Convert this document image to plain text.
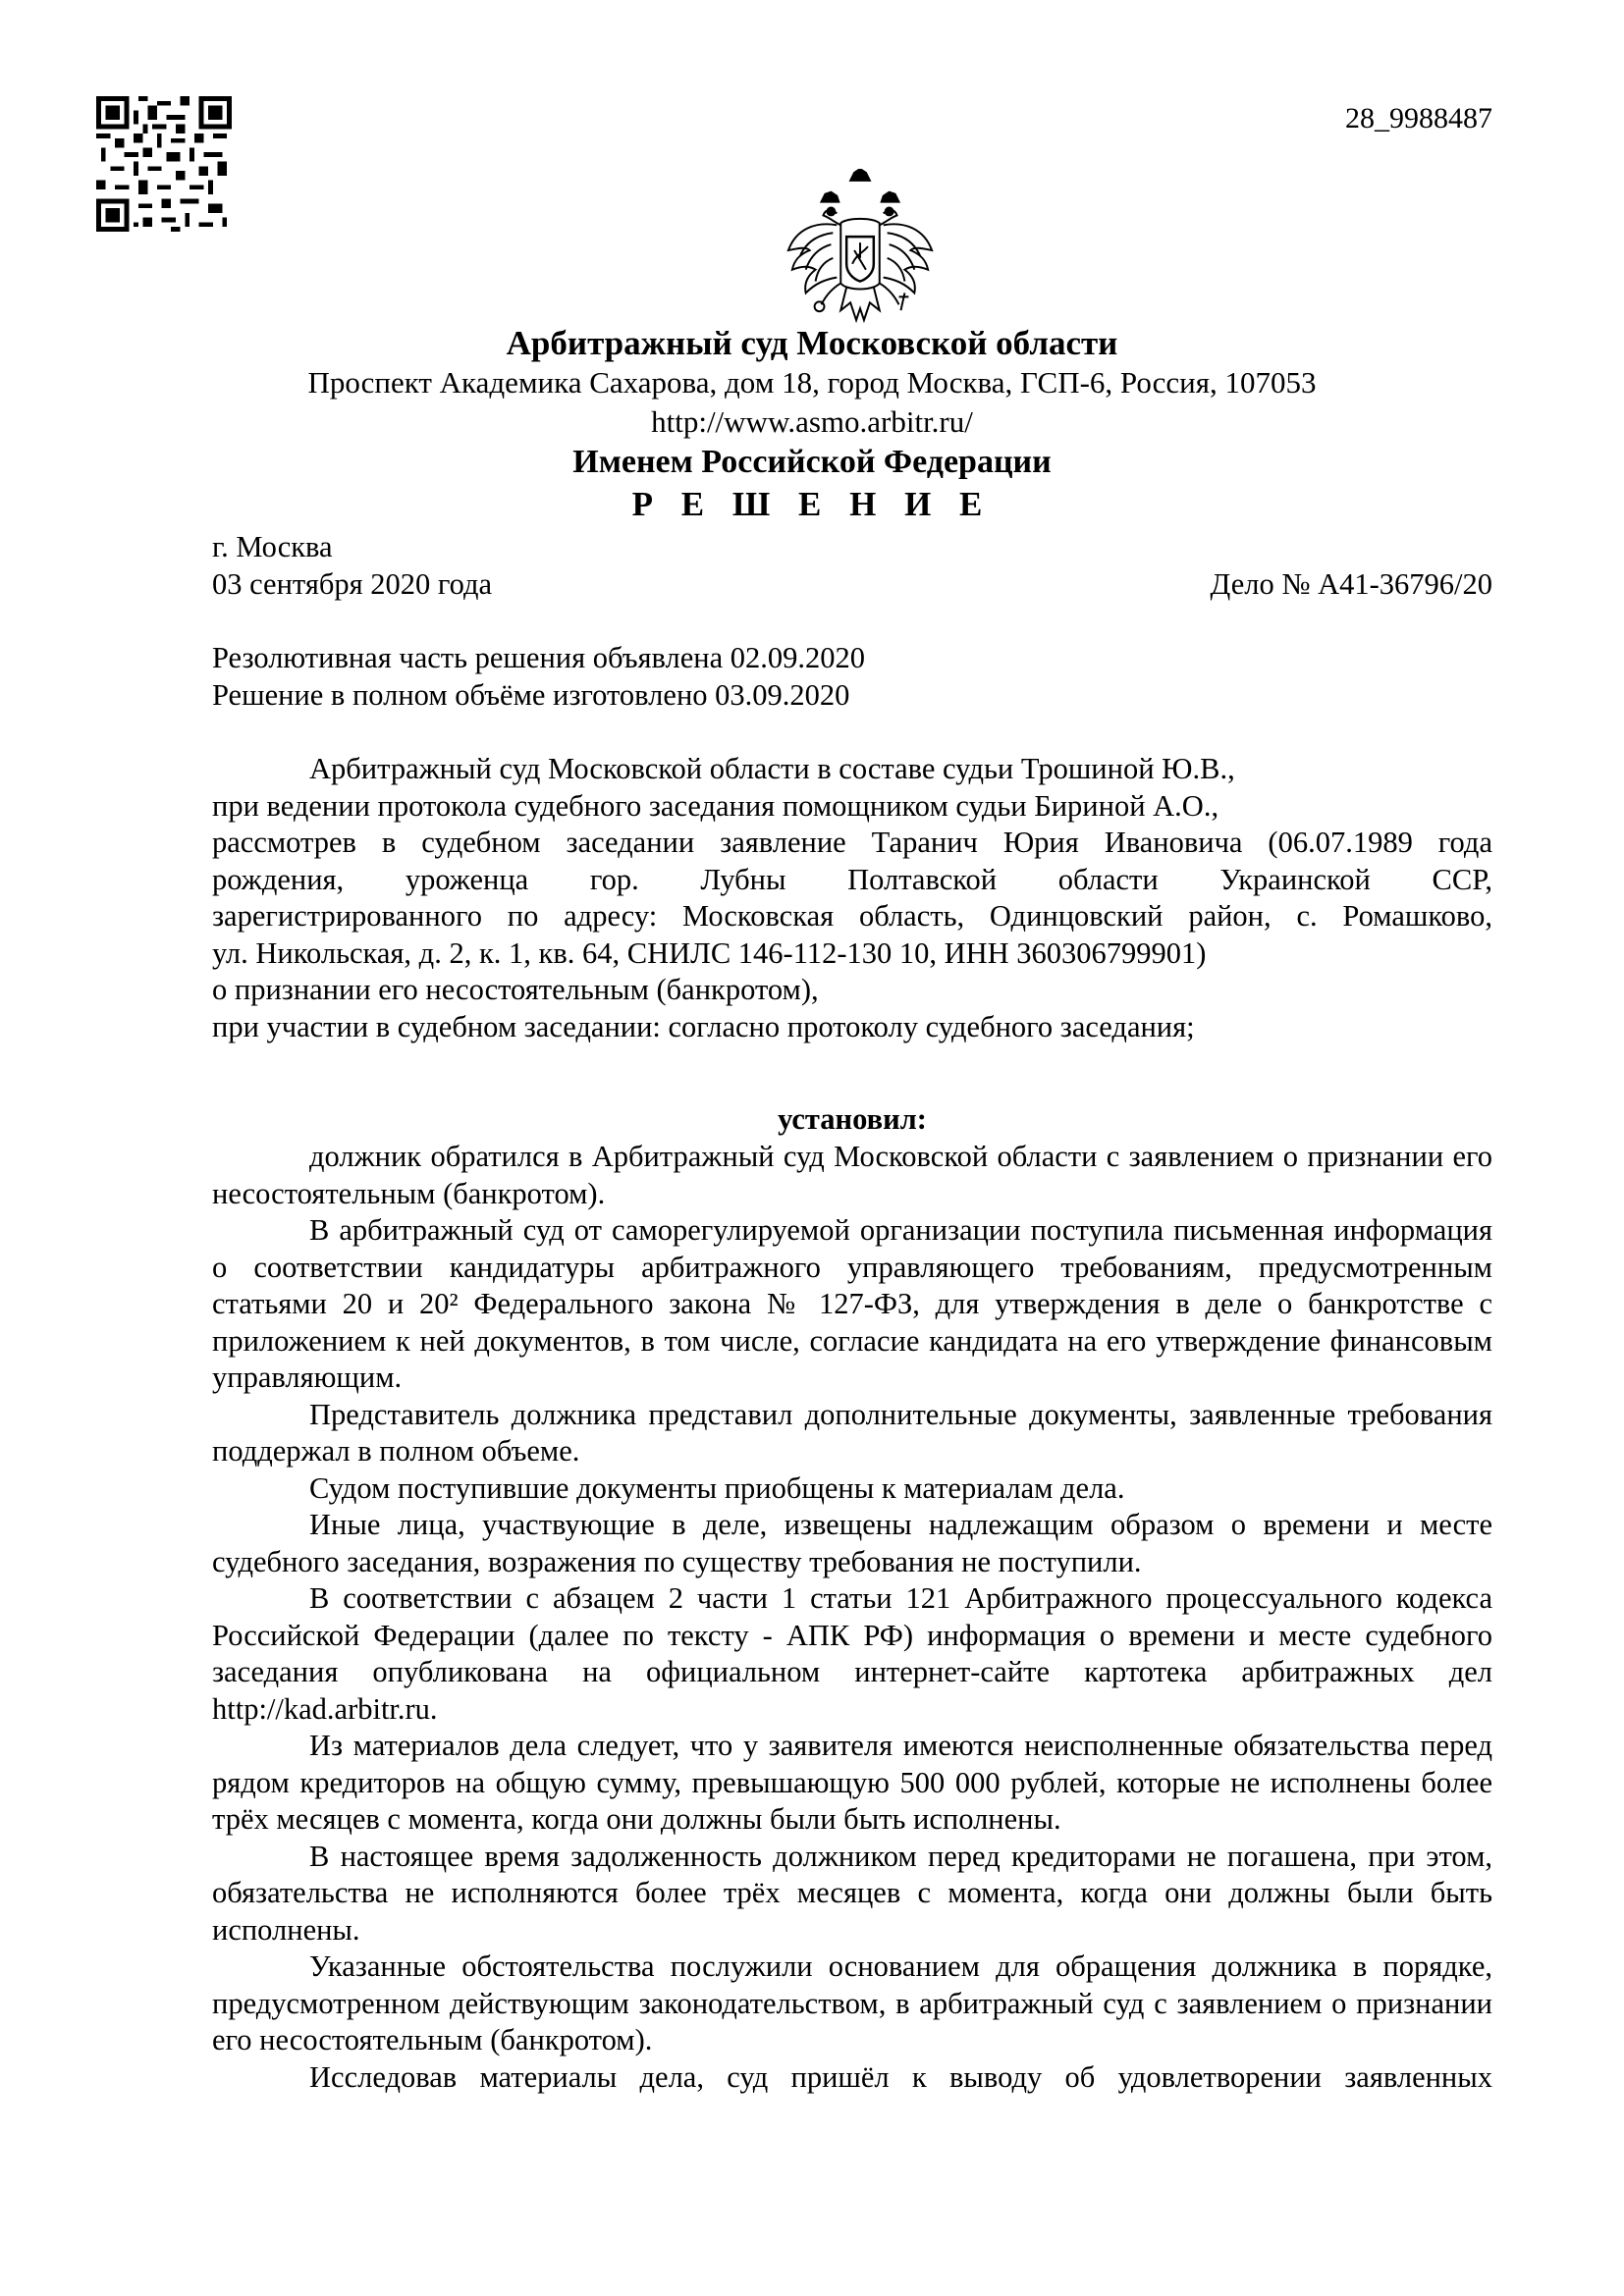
28_9988487
Арбитражный суд Московской области
Проспект Академика Сахарова, дом 18, город Москва, ГСП-6, Россия, 107053
http://www.asmo.arbitr.ru/
Именем Российской Федерации
Р Е Ш Е Н И Е
г. Москва
03 сентября 2020 года	Дело № А41-36796/20
Резолютивная часть решения объявлена 02.09.2020
Решение в полном объёме изготовлено 03.09.2020
Арбитражный суд Московской области в составе судьи Трошиной Ю.В.,
при ведении протокола судебного заседания помощником судьи Бириной А.О.,
рассмотрев в судебном заседании заявление Таранич Юрия Ивановича (06.07.1989 года
рождения, уроженца гор. Лубны Полтавской области Украинской ССР,
зарегистрированного по адресу: Московская область, Одинцовский район, с. Ромашково,
ул. Никольская, д. 2, к. 1, кв. 64, СНИЛС 146-112-130 10, ИНН 360306799901)
о признании его несостоятельным (банкротом),
при участии в судебном заседании: согласно протоколу судебного заседания;
установил:
должник обратился в Арбитражный суд Московской области с заявлением о признании его несостоятельным (банкротом).
В арбитражный суд от саморегулируемой организации поступила письменная информация о соответствии кандидатуры арбитражного управляющего требованиям, предусмотренным статьями 20 и 20² Федерального закона № 127-ФЗ, для утверждения в деле о банкротстве с приложением к ней документов, в том числе, согласие кандидата на его утверждение финансовым управляющим.
Представитель должника представил дополнительные документы, заявленные требования поддержал в полном объеме.
Судом поступившие документы приобщены к материалам дела.
Иные лица, участвующие в деле, извещены надлежащим образом о времени и месте судебного заседания, возражения по существу требования не поступили.
В соответствии с абзацем 2 части 1 статьи 121 Арбитражного процессуального кодекса Российской Федерации (далее по тексту - АПК РФ) информация о времени и месте судебного заседания опубликована на официальном интернет-сайте картотека арбитражных дел http://kad.arbitr.ru.
Из материалов дела следует, что у заявителя имеются неисполненные обязательства перед рядом кредиторов на общую сумму, превышающую 500 000 рублей, которые не исполнены более трёх месяцев с момента, когда они должны были быть исполнены.
В настоящее время задолженность должником перед кредиторами не погашена, при этом, обязательства не исполняются более трёх месяцев с момента, когда они должны были быть исполнены.
Указанные обстоятельства послужили основанием для обращения должника в порядке, предусмотренном действующим законодательством, в арбитражный суд с заявлением о признании его несостоятельным (банкротом).
Исследовав материалы дела, суд пришёл к выводу об удовлетворении заявленных
